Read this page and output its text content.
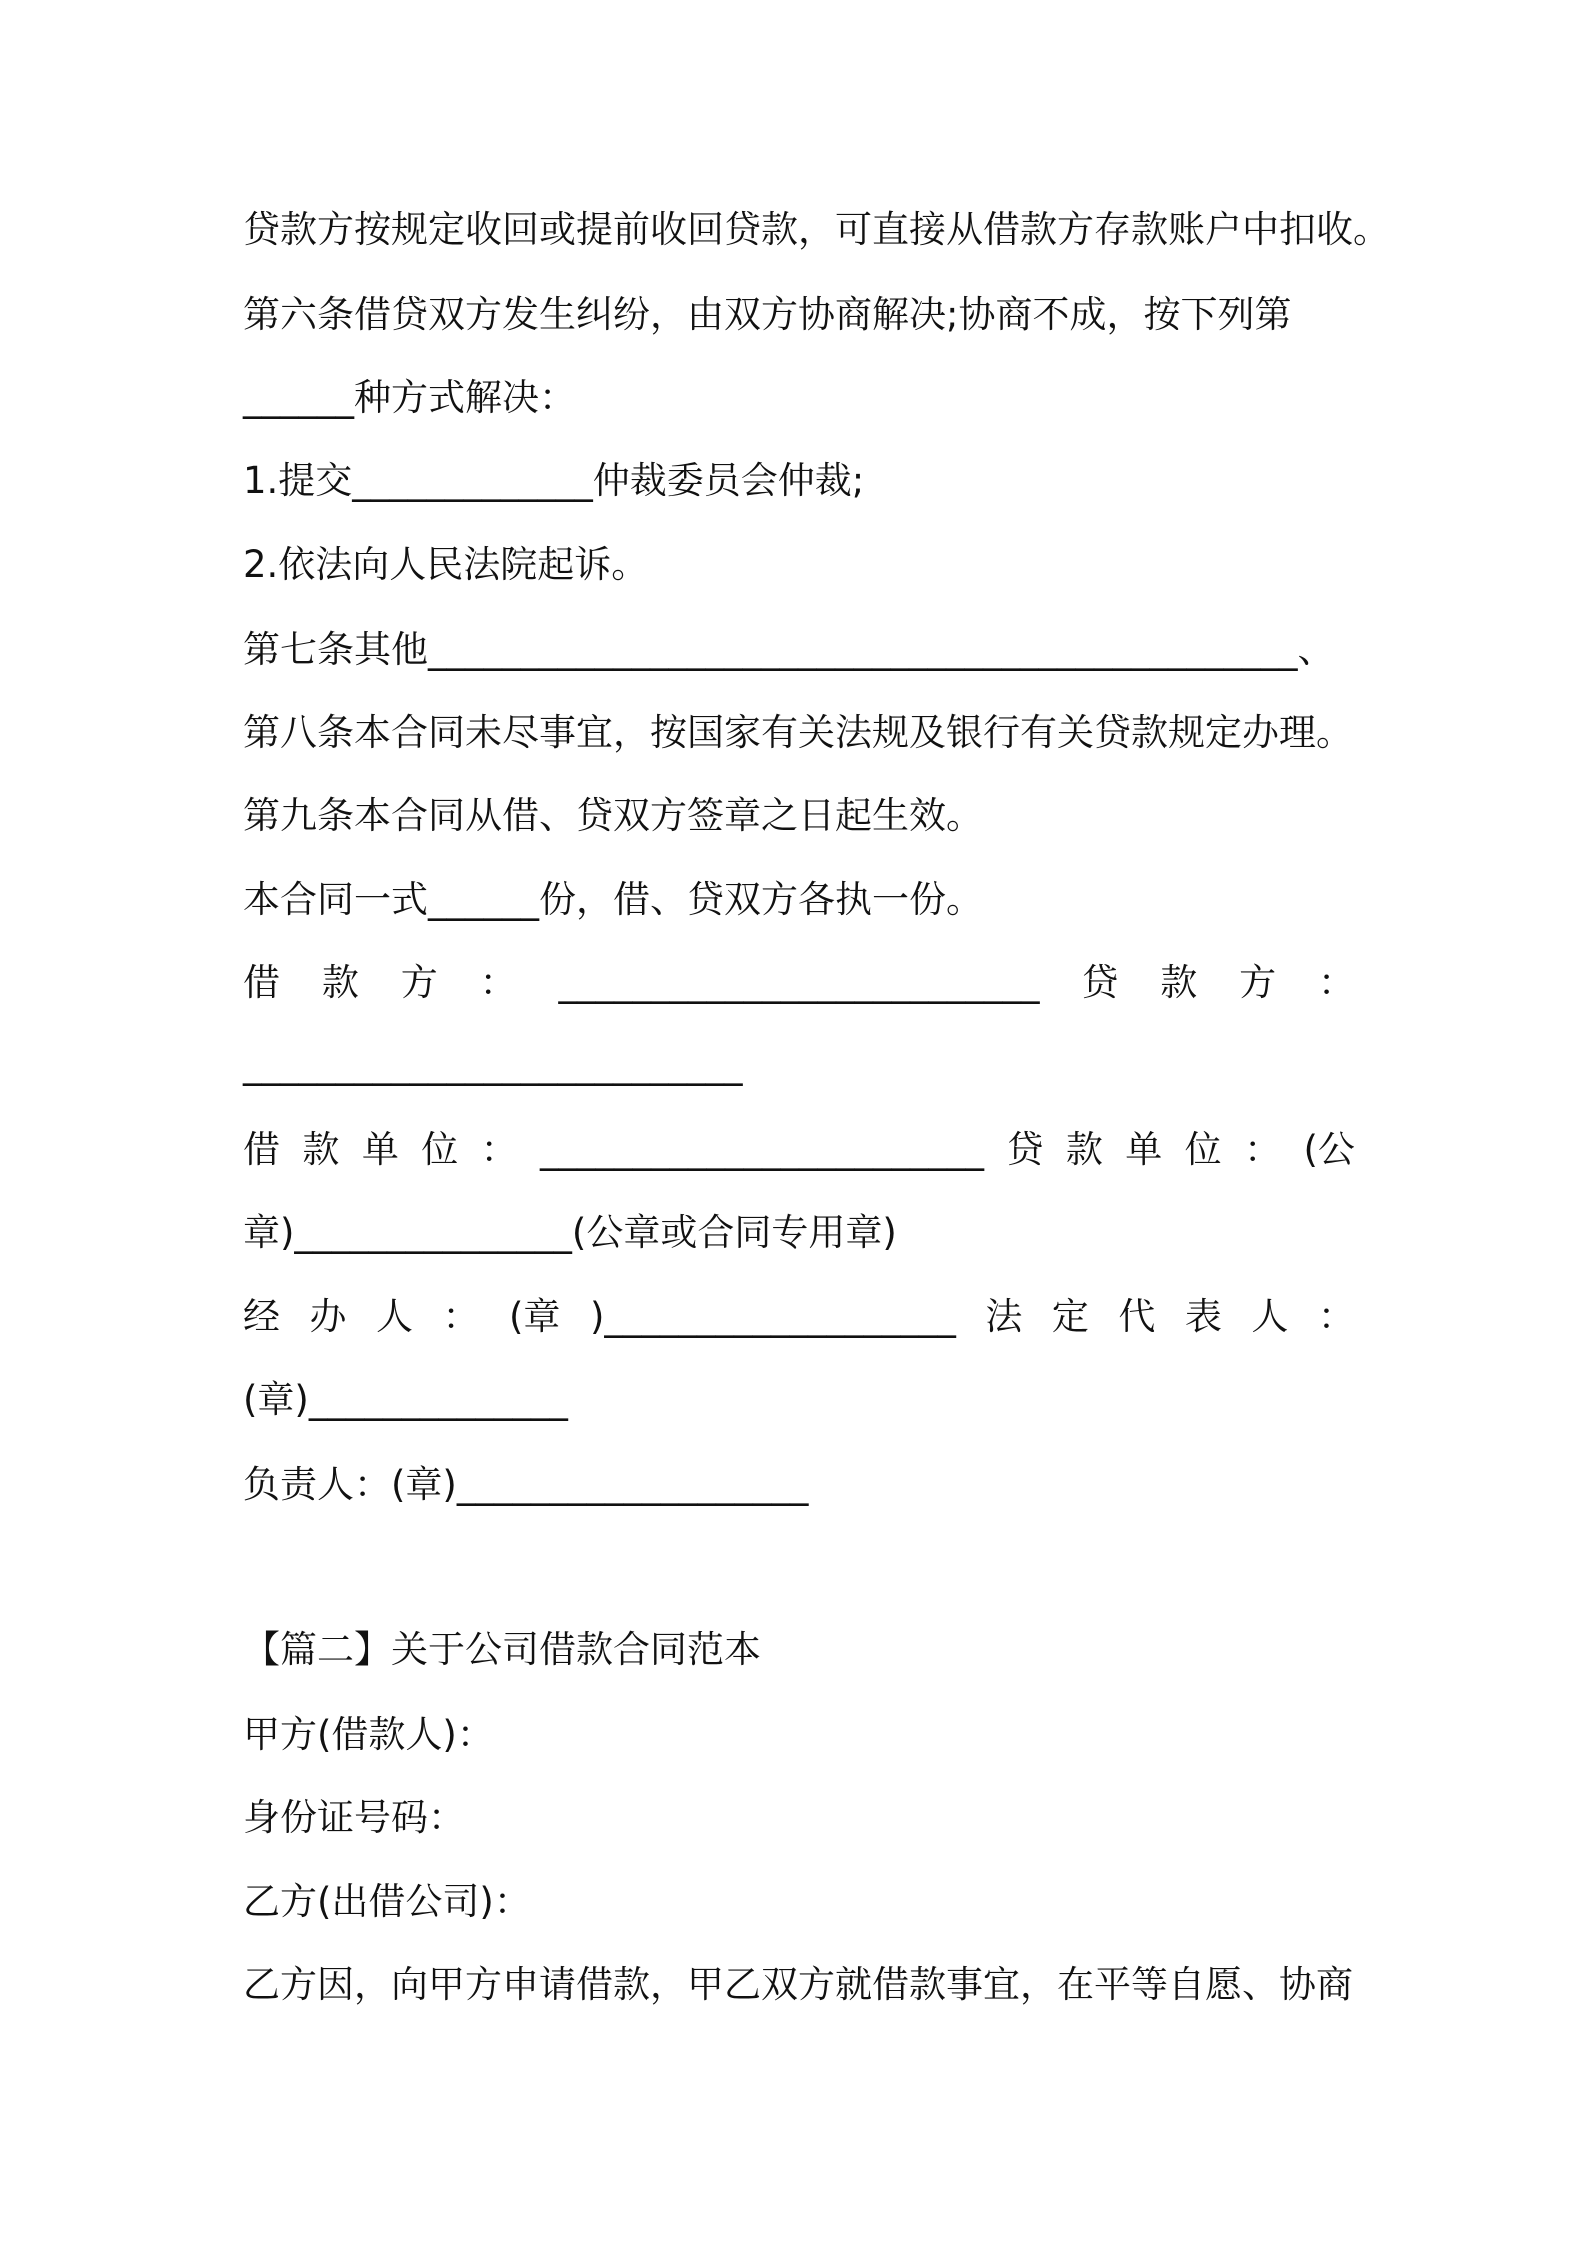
贷款方按规定收回或提前收回贷款，可直接从借款方存款账户中扣收。
第六条借贷双方发生纠纷，由双方协商解决;协商不成，按下列第
______种方式解决：
1.提交_____________仲裁委员会仲裁;
2.依法向人民法院起诉。
第七条其他_______________________________________________、
第八条本合同未尽事宜，按国家有关法规及银行有关贷款规定办理。
第九条本合同从借、贷双方签章之日起生效。
本合同一式______份，借、贷双方各执一份。
借 款 方 ： __________________________ 贷 款 方 ：
___________________________
借 款 单 位 ： ________________________ 贷 款 单 位 ： (公
章)_______________(公章或合同专用章)
经 办 人 ： (章 )___________________ 法 定 代 表 人 ：
(章)______________
负责人：(章)___________________
【篇二】关于公司借款合同范本
甲方(借款人)：
身份证号码：
乙方(出借公司)：
乙方因，向甲方申请借款，甲乙双方就借款事宜，在平等自愿、协商
